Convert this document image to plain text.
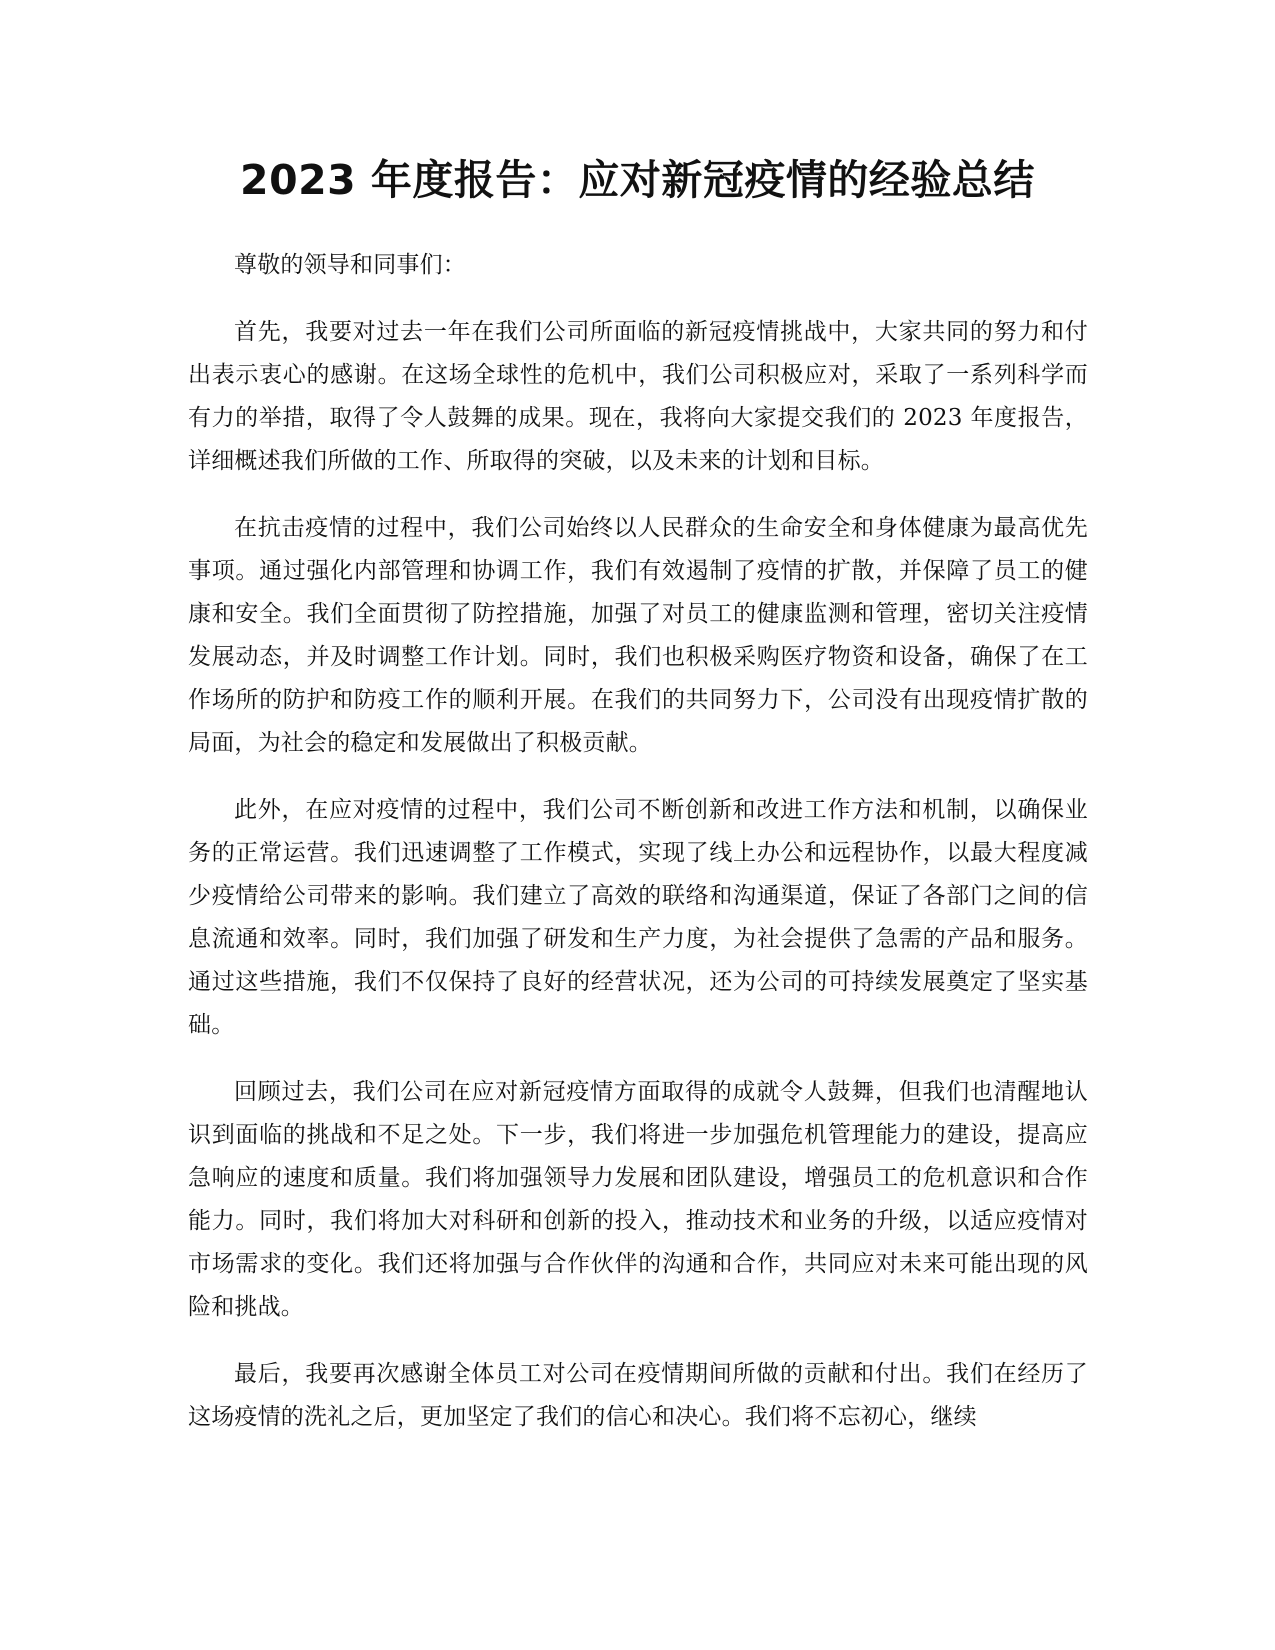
2023 年度报告：应对新冠疫情的经验总结

尊敬的领导和同事们：

首先，我要对过去一年在我们公司所面临的新冠疫情挑战中，大家共同的努力和付出表示衷心的感谢。在这场全球性的危机中，我们公司积极应对，采取了一系列科学而有力的举措，取得了令人鼓舞的成果。现在，我将向大家提交我们的 2023 年度报告，详细概述我们所做的工作、所取得的突破，以及未来的计划和目标。

在抗击疫情的过程中，我们公司始终以人民群众的生命安全和身体健康为最高优先事项。通过强化内部管理和协调工作，我们有效遏制了疫情的扩散，并保障了员工的健康和安全。我们全面贯彻了防控措施，加强了对员工的健康监测和管理，密切关注疫情发展动态，并及时调整工作计划。同时，我们也积极采购医疗物资和设备，确保了在工作场所的防护和防疫工作的顺利开展。在我们的共同努力下，公司没有出现疫情扩散的局面，为社会的稳定和发展做出了积极贡献。

此外，在应对疫情的过程中，我们公司不断创新和改进工作方法和机制，以确保业务的正常运营。我们迅速调整了工作模式，实现了线上办公和远程协作，以最大程度减少疫情给公司带来的影响。我们建立了高效的联络和沟通渠道，保证了各部门之间的信息流通和效率。同时，我们加强了研发和生产力度，为社会提供了急需的产品和服务。通过这些措施，我们不仅保持了良好的经营状况，还为公司的可持续发展奠定了坚实基础。

回顾过去，我们公司在应对新冠疫情方面取得的成就令人鼓舞，但我们也清醒地认识到面临的挑战和不足之处。下一步，我们将进一步加强危机管理能力的建设，提高应急响应的速度和质量。我们将加强领导力发展和团队建设，增强员工的危机意识和合作能力。同时，我们将加大对科研和创新的投入，推动技术和业务的升级，以适应疫情对市场需求的变化。我们还将加强与合作伙伴的沟通和合作，共同应对未来可能出现的风险和挑战。

最后，我要再次感谢全体员工对公司在疫情期间所做的贡献和付出。我们在经历了这场疫情的洗礼之后，更加坚定了我们的信心和决心。我们将不忘初心，继续
